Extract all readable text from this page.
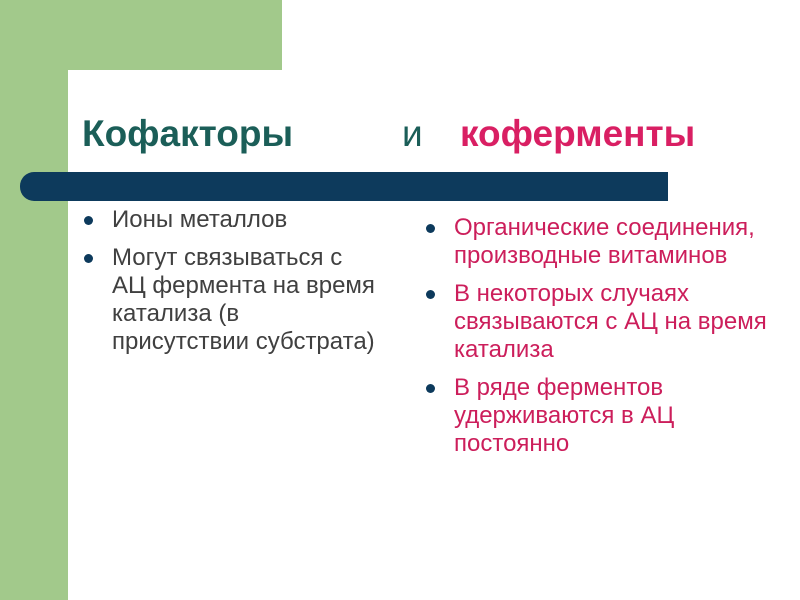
Кофакторы	и коферменты
Ионы металлов
Могут связываться с АЦ фермента на время катализа (в присутствии субстрата)
Органические соединения, производные витаминов
В некоторых случаях связываются с АЦ на время катализа
В ряде ферментов удерживаются в АЦ постоянно
